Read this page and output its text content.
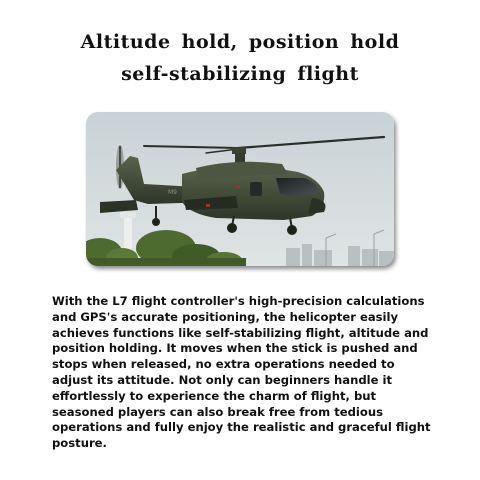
Altitude hold, position hold
self-stabilizing flight
M9

With the L7 flight controller's high-precision calculations and GPS's accurate positioning, the helicopter easily achieves functions like self-stabilizing flight, altitude and position holding. It moves when the stick is pushed and stops when released, no extra operations needed to adjust its attitude. Not only can beginners handle it effortlessly to experience the charm of flight, but seasoned players can also break free from tedious operations and fully enjoy the realistic and graceful flight posture.
